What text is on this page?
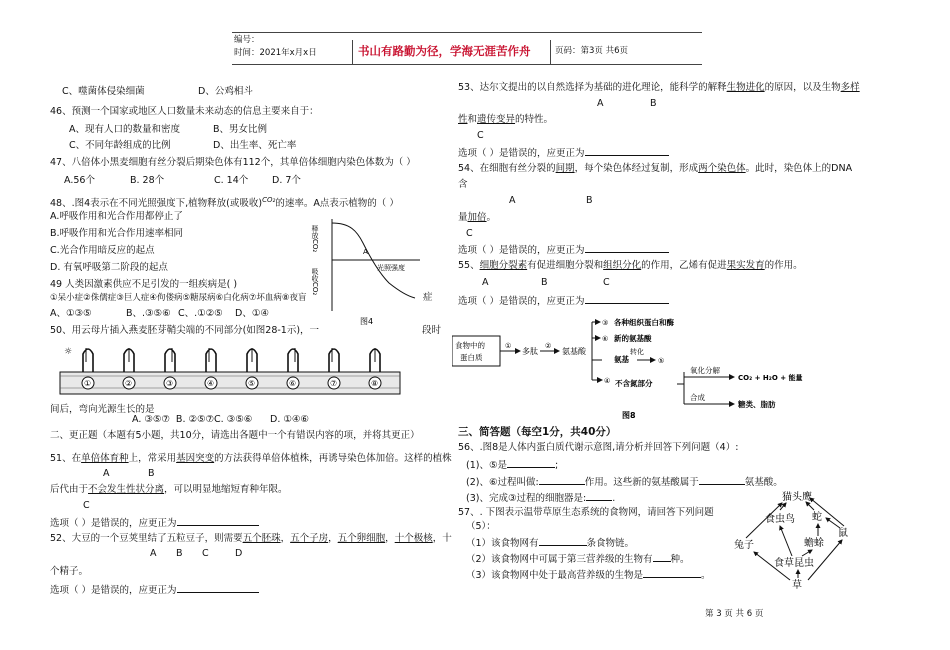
编号：
时间：2021年x月x日	书山有路勤为径，学海无涯苦作舟	页码：第3页 共6页
C、噬菌体侵染细菌	D、公鸡相斗
46、预测一个国家或地区人口数量未来动态的信息主要来自于：
A、现有人口的数量和密度	B、男女比例
C、不同年龄组成的比例	D、出生率、死亡率
47、八倍体小黑麦细胞有丝分裂后期染色体有112个，其单倍体细胞内染色体数为（ ）
A.56个	B. 28个	C. 14个 D. 7个
48、.图4表示在不同光照强度下,植物释放(或吸收)$^{CO_2}$的速率。A点表示植物的（ ）
A.呼吸作用和光合作用都停止了
B.呼吸作用和光合作用速率相同
C.光合作用暗反应的起点
D. 有氧呼吸第二阶段的起点
释放CO₂
吸收CO₂
A
光照强度
图4
49 人类因激素供应不足引发的一组疾病是( )
①呆小症②侏儒症③巨人症④佝偻病⑤糖尿病⑥白化病⑦坏血病⑧夜盲	症
A、①③⑤	B、.③⑤⑥ C、.①②⑤ D、①④
50、用云母片插入燕麦胚芽鞘尖端的不同部分(如图28-1示)，一	段时
①	②	③	④	⑤	⑥	⑦	⑧
☼
间后，弯向光源生长的是
A. ③⑤⑦	C. ③⑤⑥ D. ①④⑥
B. ②⑤⑦
二、更正题（本题有5小题，共10分，请选出各题中一个有错误内容的项，并将其更正）
51、在单倍体育种上，常采用基因突变的方法获得单倍体植株，再诱导染色体加倍。这样的植株
A	B
后代由于不会发生性状分离，可以明显地缩短育种年限。
C
选项（ ）是错误的，应更正为
52、大豆的一个豆荚里结了五粒豆子，则需要五个胚珠，五个子房，五个卵细胞，十个极核，十
A B C	D
个精子。
选项（ ）是错误的，应更正为
53、达尔文提出的以自然选择为基础的进化理论，能科学的解释生物进化的原因，以及生物多样
A	B
性和遗传变异的特性。
C
选项（ ）是错误的，应更正为
54、在细胞有丝分裂的间期，每个染色体经过复制，形成两个染色体。此时，染色体上的DNA
含
A	B
量加倍。
C
选项（ ）是错误的，应更正为
55、细胞分裂素有促进细胞分裂和组织分化的作用，乙烯有促进果实发育的作用。
A	B	C
选项（ ）是错误的，应更正为
食物中的
蛋白质
①
多肽
②
氨基酸
③ 各种组织蛋白和酶
⑥ 新的氨基酸
氨基
转化
⑤
④ 不含氮部分
氧化分解
CO₂ + H₂O + 能量
合成
糖类、脂肪
图8
三、简答题（每空1分，共40分）
56、.图8是人体内蛋白质代谢示意图,请分析并回答下列问题（4）:
(1)、⑤是	;
(2)、⑥过程叫做:	作用。这些新的氨基酸属于	氨基酸。
(3)、完成③过程的细胞器是:	.
57、. 下图表示温带草原生态系统的食物网，请回答下列问题
（5）：
（1）该食物网有	条食物链。
（2）该食物网中可属于第三营养级的生物有 种。
（3）该食物网中处于最高营养级的生物是	。
猫头鹰
蛇
食虫鸟
鼠
兔子	蟾蜍
食草昆虫
草
第 3 页 共 6 页
